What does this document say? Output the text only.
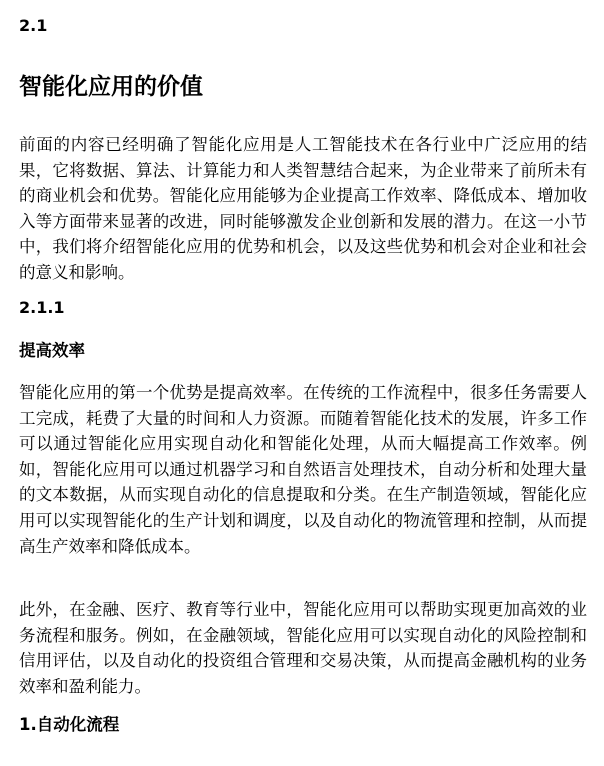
2.1
智能化应用的价值

前面的内容已经明确了智能化应用是人工智能技术在各行业中广泛应用的结果，它将数据、算法、计算能力和人类智慧结合起来，为企业带来了前所未有的商业机会和优势。智能化应用能够为企业提高工作效率、降低成本、增加收入等方面带来显著的改进，同时能够激发企业创新和发展的潜力。在这一小节中，我们将介绍智能化应用的优势和机会，以及这些优势和机会对企业和社会的意义和影响。

2.1.1
提高效率

智能化应用的第一个优势是提高效率。在传统的工作流程中，很多任务需要人工完成，耗费了大量的时间和人力资源。而随着智能化技术的发展，许多工作可以通过智能化应用实现自动化和智能化处理，从而大幅提高工作效率。例如，智能化应用可以通过机器学习和自然语言处理技术，自动分析和处理大量的文本数据，从而实现自动化的信息提取和分类。在生产制造领域，智能化应用可以实现智能化的生产计划和调度，以及自动化的物流管理和控制，从而提高生产效率和降低成本。

此外，在金融、医疗、教育等行业中，智能化应用可以帮助实现更加高效的业务流程和服务。例如，在金融领域，智能化应用可以实现自动化的风险控制和信用评估，以及自动化的投资组合管理和交易决策，从而提高金融机构的业务效率和盈利能力。

1.自动化流程
